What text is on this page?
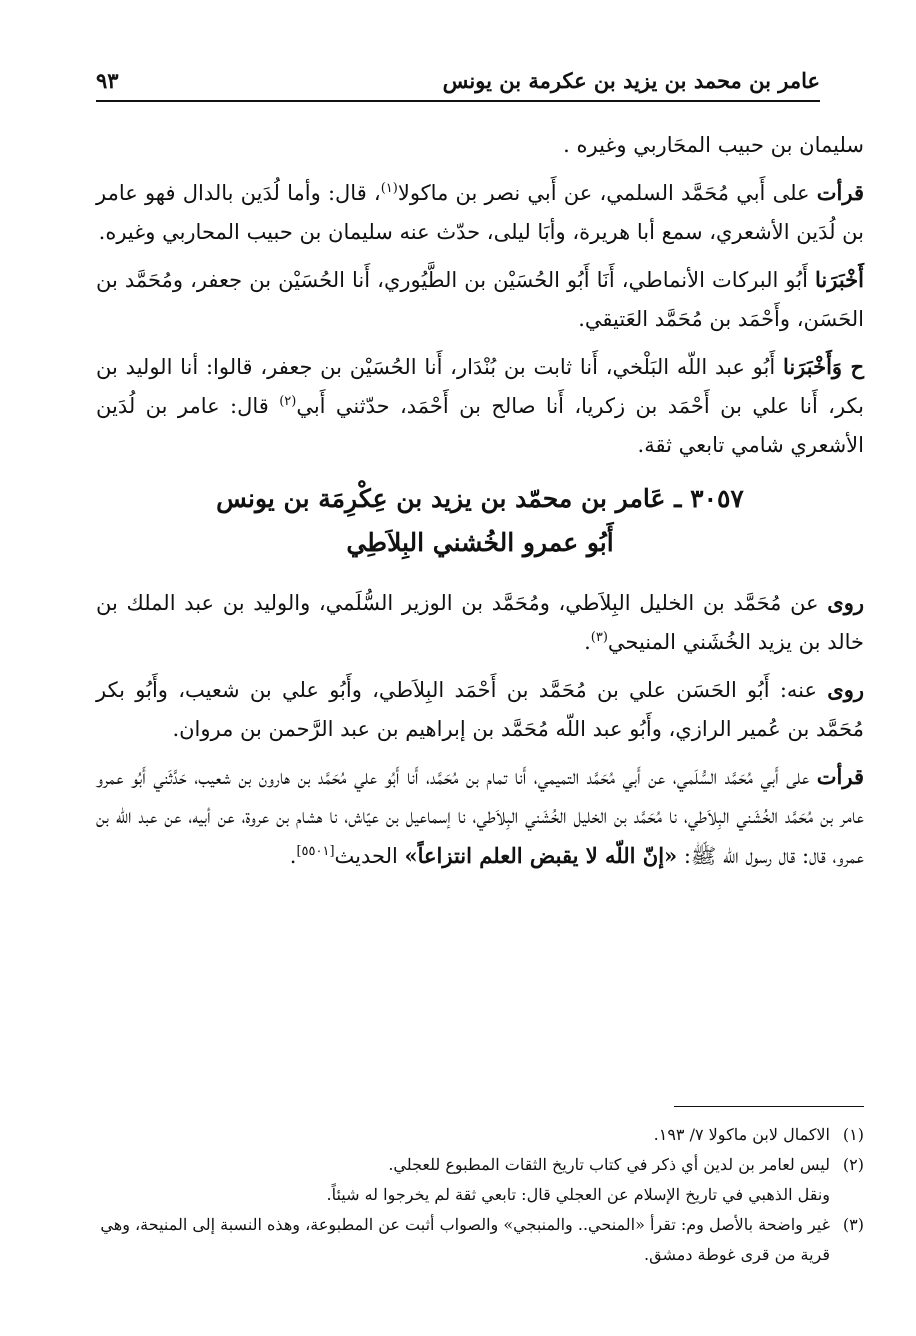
عامر بن محمد بن يزيد بن عكرمة بن يونس
٩٣

سليمان بن حبيب المحَاربي وغيره .

قرأت على أَبي مُحَمَّد السلمي، عن أَبي نصر بن ماكولا$^{(١)}$، قال: وأما لُدَين بالدال فهو عامر بن لُدَين الأشعري، سمع أبا هريرة، وأبَا ليلى، حدّث عنه سليمان بن حبيب المحاربي وغيره.

أَخْبَرَنا أَبُو البركات الأنماطي، أَنَا أَبُو الحُسَيْن بن الطَّيُوري، أَنا الحُسَيْن بن جعفر، ومُحَمَّد بن الحَسَن، وأَحْمَد بن مُحَمَّد العَتيقي.

ح وَأَخْبَرَنا أَبُو عبد اللّه البَلْخي، أَنا ثابت بن بُنْدَار، أَنا الحُسَيْن بن جعفر، قالوا: أنا الوليد بن بكر، أَنا علي بن أَحْمَد بن زكريا، أَنا صالح بن أَحْمَد، حدّثني أَبي$^{(٢)}$ قال: عامر بن لُدَين الأشعري شامي تابعي ثقة.

٣٠٥٧ ـ عَامر بن محمّد بن يزيد بن عِكْرِمَة بن يونس
أَبُو عمرو الخُشني البِلاَطِي

روى عن مُحَمَّد بن الخليل البِلاَطي، ومُحَمَّد بن الوزير السُّلَمي، والوليد بن عبد الملك بن خالد بن يزيد الخُشَني المنيحي$^{(٣)}$.

روى عنه: أَبُو الحَسَن علي بن مُحَمَّد بن أَحْمَد البِلاَطي، وأَبُو علي بن شعيب، وأَبُو بكر مُحَمَّد بن عُمير الرازي، وأَبُو عبد اللّه مُحَمَّد بن إبراهيم بن عبد الرَّحمن بن مروان.

قرأت على أَبي مُحَمَّد السُّلَمي، عن أَبي مُحَمَّد التميمي، أَنا تمام بن مُحَمَّد، أَنا أَبُو علي مُحَمَّد بن هارون بن شعيب، حَدَّثَني أَبُو عمرو عامر بن مُحَمَّد الخُشَني البِلاَطي، نا مُحَمَّد بن الخليل الخُشَني البِلاَطي، نا إسماعيل بن عيّاش، نا هشام بن عروة، عن أبيه، عن عبد اللّه بن عمرو، قال: قال رسول اللّه ﷺ: «إنّ اللّه لا يقبض العلم انتزاعاً» الحديث[٥٥٠١].

(١)
الاكمال لابن ماكولا ٧/ ١٩٣.
(٢)
ليس لعامر بن لدين أي ذكر في كتاب تاريخ الثقات المطبوع للعجلي.
ونقل الذهبي في تاريخ الإسلام عن العجلي قال: تابعي ثقة لم يخرجوا له شيئاً.
(٣)
غير واضحة بالأصل وم: تقرأ «المنحي.. والمنبجي» والصواب أثبت عن المطبوعة، وهذه النسبة إلى المنيحة، وهي قرية من قرى غوطة دمشق.
